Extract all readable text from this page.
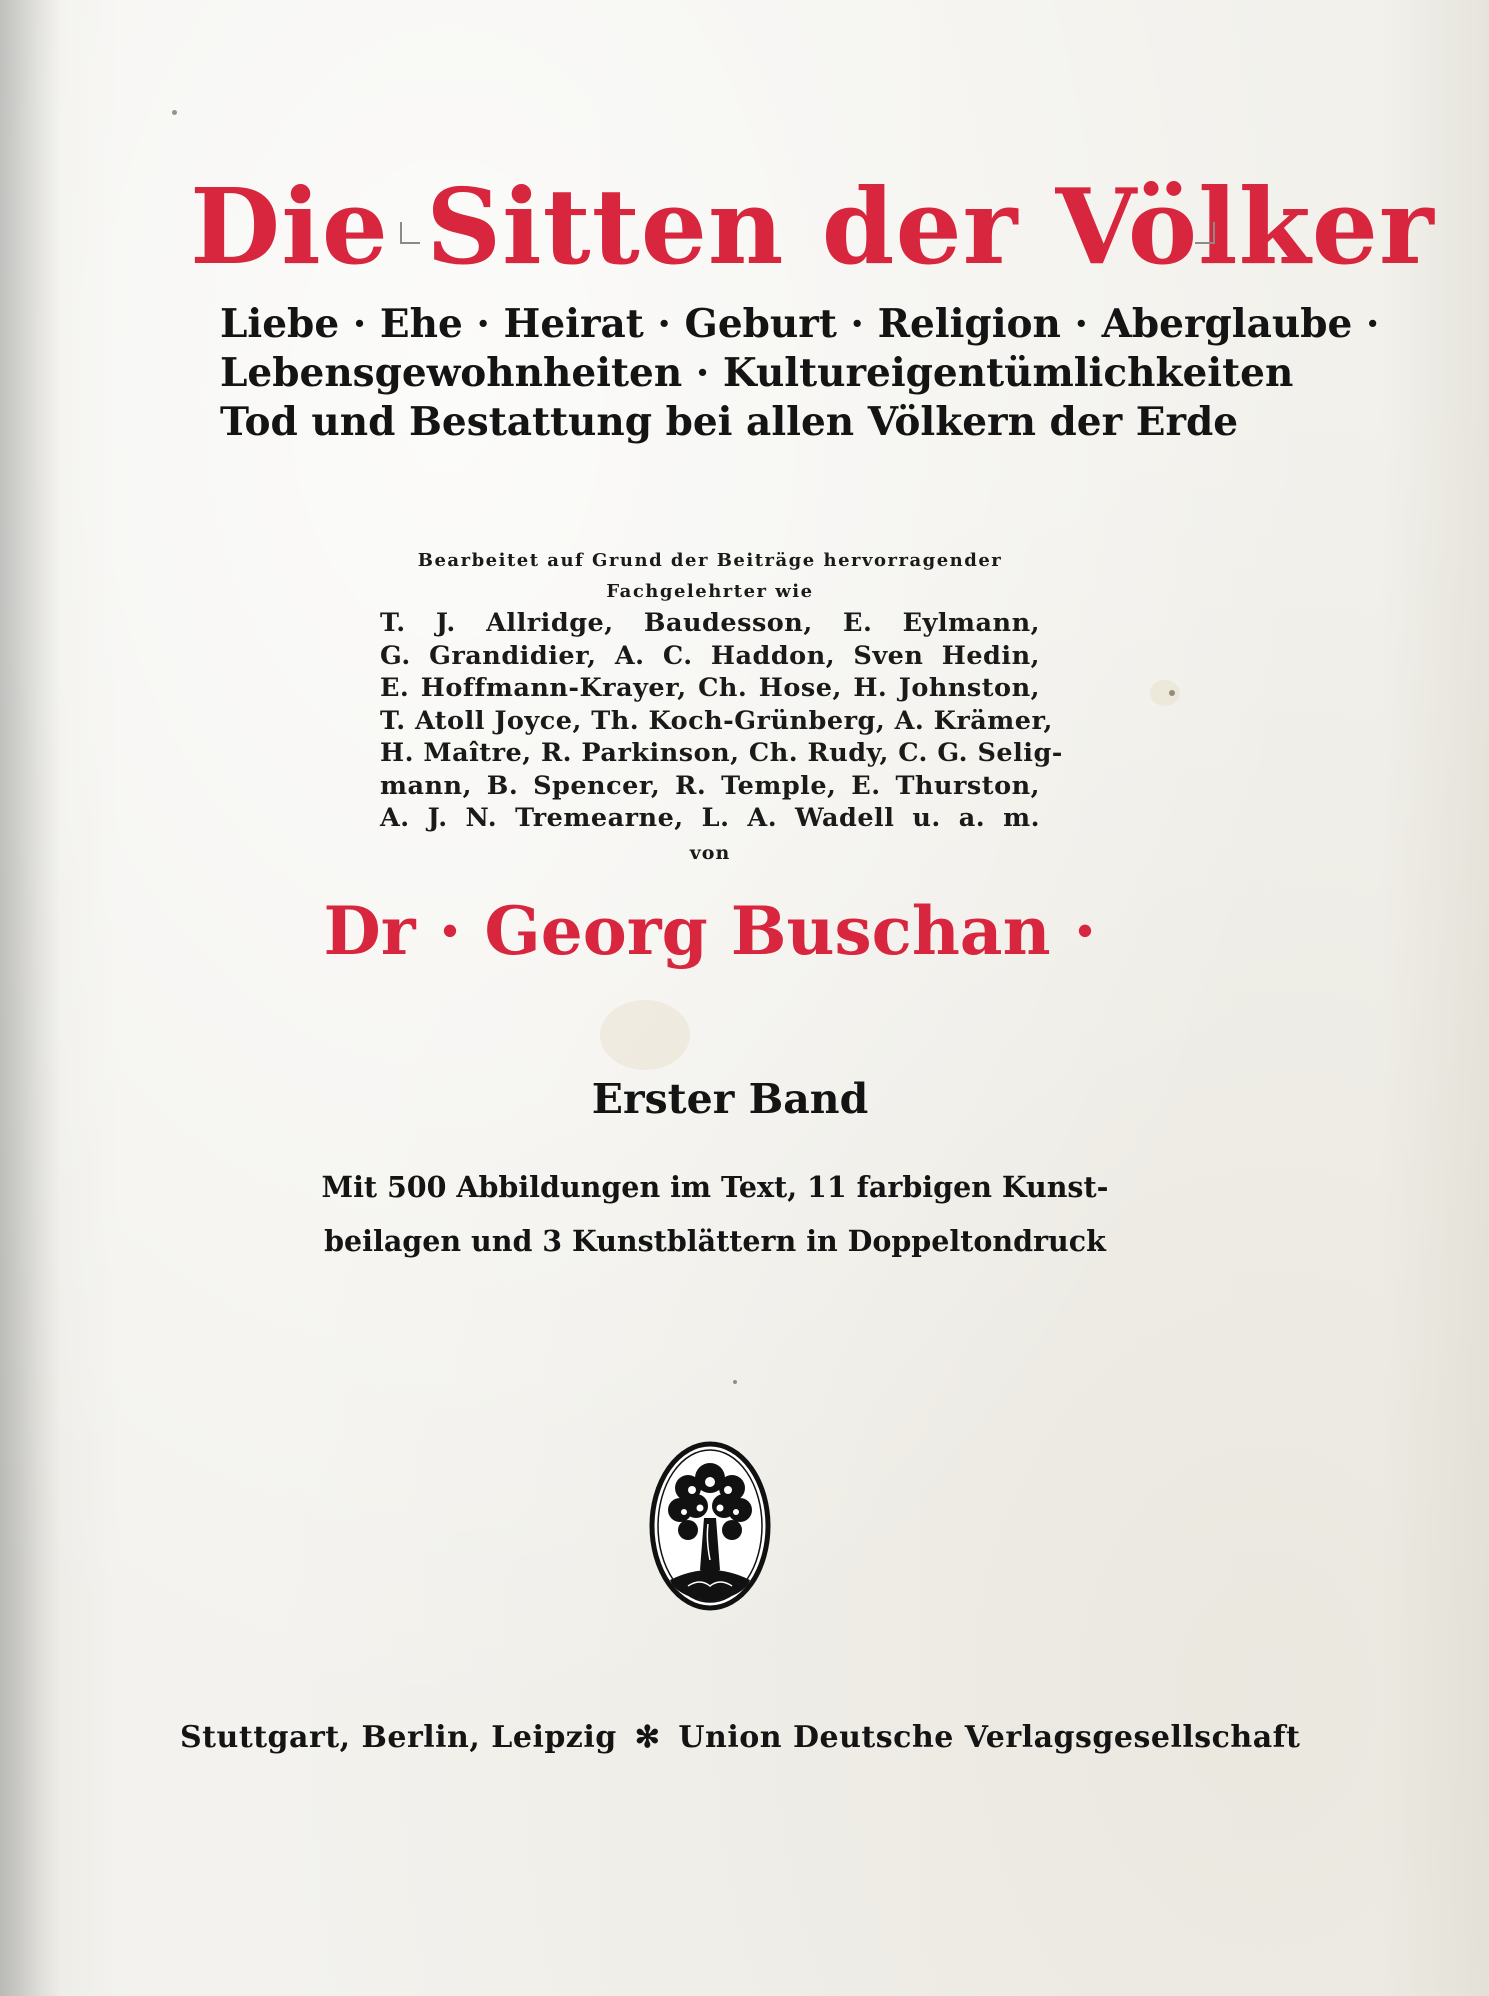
Die Sitten der Völker
Liebe · Ehe · Heirat · Geburt · Religion · Aberglaube ·
Lebensgewohnheiten · Kultureigentümlichkeiten
Tod und Bestattung bei allen Völkern der Erde
Bearbeitet auf Grund der Beiträge hervorragender
Fachgelehrter wie
T. J. Allridge, Baudesson, E. Eylmann,
G. Grandidier, A. C. Haddon, Sven Hedin,
E. Hoffmann-Krayer, Ch. Hose, H. Johnston,
T. Atoll Joyce, Th. Koch-Grünberg, A. Krämer,
H. Maître, R. Parkinson, Ch. Rudy, C. G. Selig-
mann, B. Spencer, R. Temple, E. Thurston,
A. J. N. Tremearne, L. A. Wadell u. a. m.
von
Dr · Georg Buschan ·
Erster Band
Mit 500 Abbildungen im Text, 11 farbigen Kunst-
beilagen und 3 Kunstblättern in Doppeltondruck
Stuttgart, Berlin, Leipzig ✻ Union Deutsche Verlagsgesellschaft
